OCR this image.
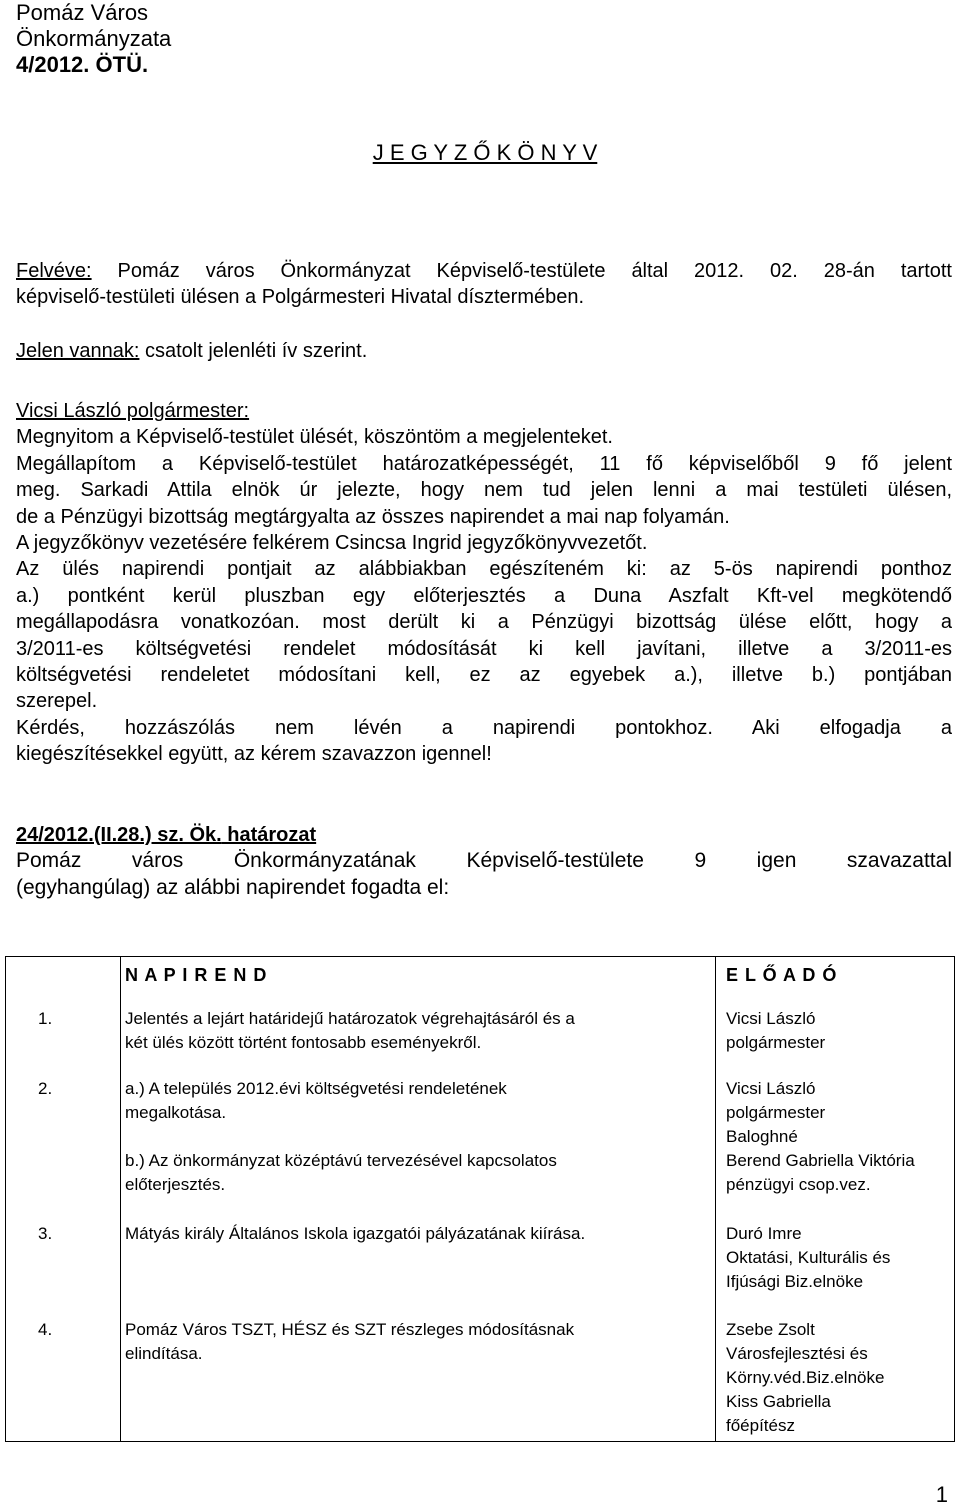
Pomáz Város
Önkormányzata
4/2012. ÖTÜ.
J E G Y Z Ő K Ö N Y V

Felvéve: Pomáz város Önkormányzat Képviselő-testülete által 2012. 02. 28-án tartott

képviselő-testületi ülésen a Polgármesteri Hivatal dísztermében.

Jelen vannak: csatolt jelenléti ív szerint.

Vicsi László polgármester:

Megnyitom a Képviselő-testület ülését, köszöntöm a megjelenteket.

Megállapítom a Képviselő-testület határozatképességét, 11 fő képviselőből 9 fő jelent

meg. Sarkadi Attila elnök úr jelezte, hogy nem tud jelen lenni a mai testületi ülésen,

de a Pénzügyi bizottság megtárgyalta az összes napirendet a mai nap folyamán.

A jegyzőkönyv vezetésére felkérem Csincsa Ingrid jegyzőkönyvvezetőt.

Az ülés napirendi pontjait az alábbiakban egészíteném ki: az 5-ös napirendi ponthoz

a.) pontként kerül pluszban egy előterjesztés a Duna Aszfalt Kft-vel megkötendő

megállapodásra vonatkozóan. most derült ki a Pénzügyi bizottság ülése előtt, hogy a

3/2011-es költségvetési rendelet módosítását ki kell javítani, illetve a 3/2011-es

költségvetési rendeletet módosítani kell, ez az egyebek a.), illetve b.) pontjában

szerepel.

Kérdés, hozzászólás nem lévén a napirendi pontokhoz. Aki elfogadja a

kiegészítésekkel együtt, az kérem szavazzon igennel!

24/2012.(II.28.) sz. Ök. határozat

Pomáz város Önkormányzatának Képviselő-testülete 9 igen szavazattal

(egyhangúlag) az alábbi napirendet fogadta el:

	N A P I R E N D	E L Ő A D Ó
1.	Jelentés a lejárt határidejű határozatok végrehajtásáról és a
két ülés között történt fontosabb eseményekről.	Vicsi László
polgármester

2.	a.) A település 2012.évi költségvetési rendeletének
megalkotása.
b.) Az önkormányzat középtávú tervezésével kapcsolatos
előterjesztés.	Vicsi László
polgármester
Baloghné
Berend Gabriella Viktória
pénzügyi csop.vez.

3.	Mátyás király Általános Iskola igazgatói pályázatának kiírása.	Duró Imre
Oktatási, Kulturális és
Ifjúsági Biz.elnöke

4.	Pomáz Város TSZT, HÉSZ és SZT részleges módosításnak
elindítása.	Zsebe Zsolt
Városfejlesztési és
Körny.véd.Biz.elnöke
Kiss Gabriella
főépítész
1
